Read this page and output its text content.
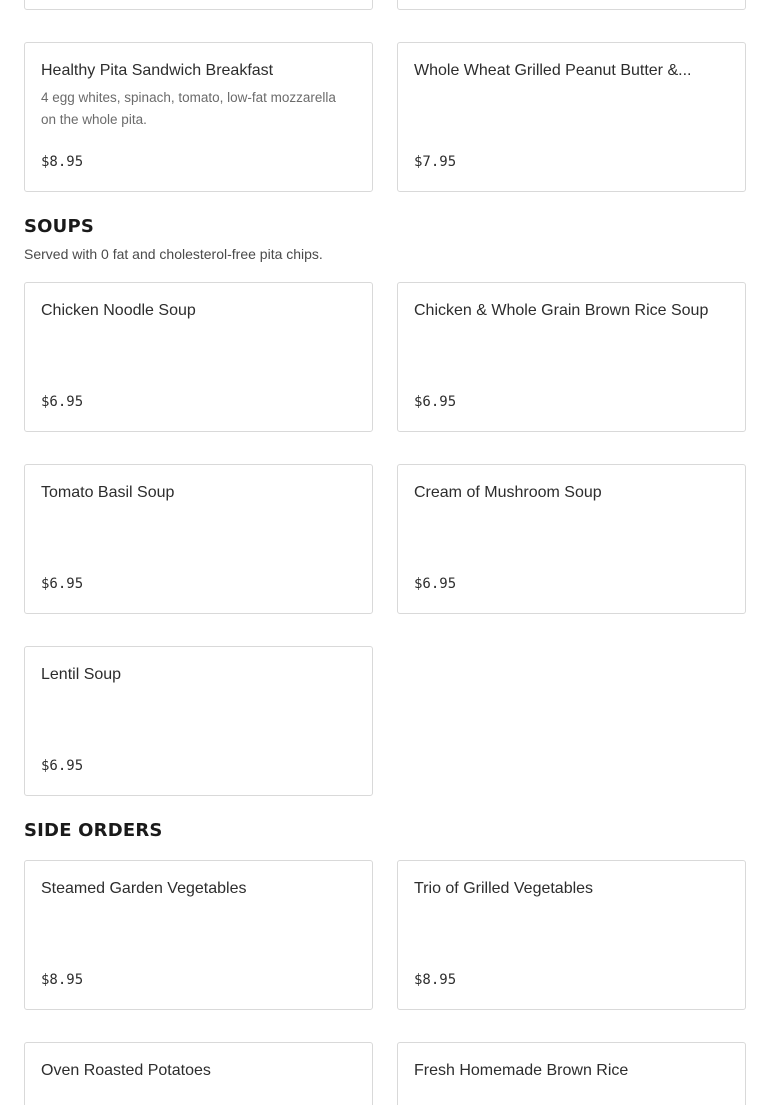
Healthy Pita Sandwich Breakfast
4 egg whites, spinach, tomato, low-fat mozzarella on the whole pita.
$8.95
Whole Wheat Grilled Peanut Butter &...
$7.95
SOUPS
Served with 0 fat and cholesterol-free pita chips.
Chicken Noodle Soup
$6.95
Chicken & Whole Grain Brown Rice Soup
$6.95
Tomato Basil Soup
$6.95
Cream of Mushroom Soup
$6.95
Lentil Soup
$6.95
SIDE ORDERS
Steamed Garden Vegetables
$8.95
Trio of Grilled Vegetables
$8.95
Oven Roasted Potatoes	Fresh Homemade Brown Rice
